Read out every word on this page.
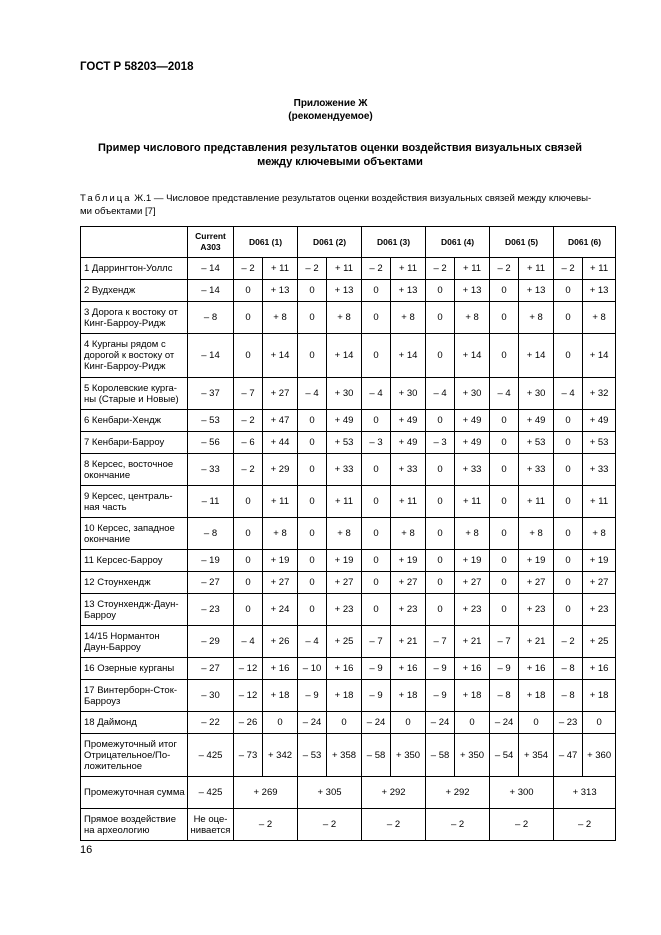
ГОСТ Р 58203—2018
Приложение Ж
(рекомендуемое)
Пример числового представления результатов оценки воздействия визуальных связей
между ключевыми объектами
Таблица Ж.1 — Числовое представление результатов оценки воздействия визуальных связей между ключевы-
ми объектами [7]
	Current A303	D061 (1)		D061 (2)		D061 (3)		D061 (4)		D061 (5)		D061 (6)	
1 Даррингтон-Уоллс	– 14	– 2	+ 11	– 2	+ 11	– 2	+ 11	– 2	+ 11	– 2	+ 11	– 2	+ 11
2 Вудхендж	– 14	0	+ 13	0	+ 13	0	+ 13	0	+ 13	0	+ 13	0	+ 13
3 Дорога к востоку от Кинг-Барроу-Ридж	– 8	0	+ 8	0	+ 8	0	+ 8	0	+ 8	0	+ 8	0	+ 8
4 Курганы рядом с дорогой к востоку от Кинг-Барроу-Ридж	– 14	0	+ 14	0	+ 14	0	+ 14	0	+ 14	0	+ 14	0	+ 14
5 Королевские курга-ны (Старые и Новые)	– 37	– 7	+ 27	– 4	+ 30	– 4	+ 30	– 4	+ 30	– 4	+ 30	– 4	+ 32
6 Кенбари-Хендж	– 53	– 2	+ 47	0	+ 49	0	+ 49	0	+ 49	0	+ 49	0	+ 49
7 Кенбари-Барроу	– 56	– 6	+ 44	0	+ 53	– 3	+ 49	– 3	+ 49	0	+ 53	0	+ 53
8 Керсес, восточное окончание	– 33	– 2	+ 29	0	+ 33	0	+ 33	0	+ 33	0	+ 33	0	+ 33
9 Керсес, централь-ная часть	– 11	0	+ 11	0	+ 11	0	+ 11	0	+ 11	0	+ 11	0	+ 11
10 Керсес, западное окончание	– 8	0	+ 8	0	+ 8	0	+ 8	0	+ 8	0	+ 8	0	+ 8
11 Керсес-Барроу	– 19	0	+ 19	0	+ 19	0	+ 19	0	+ 19	0	+ 19	0	+ 19
12 Стоунхендж	– 27	0	+ 27	0	+ 27	0	+ 27	0	+ 27	0	+ 27	0	+ 27
13 Стоунхендж-Даун-Барроу	– 23	0	+ 24	0	+ 23	0	+ 23	0	+ 23	0	+ 23	0	+ 23
14/15 Нормантон Даун-Барроу	– 29	– 4	+ 26	– 4	+ 25	– 7	+ 21	– 7	+ 21	– 7	+ 21	– 2	+ 25
16 Озерные курганы	– 27	– 12	+ 16	– 10	+ 16	– 9	+ 16	– 9	+ 16	– 9	+ 16	– 8	+ 16
17 Винтерборн-Сток-Барроуз	– 30	– 12	+ 18	– 9	+ 18	– 9	+ 18	– 9	+ 18	– 8	+ 18	– 8	+ 18
18 Даймонд	– 22	– 26	0	– 24	0	– 24	0	– 24	0	– 24	0	– 23	0
Промежуточный итог Отрицательное/По-ложительное	– 425	– 73	+ 342	– 53	+ 358	– 58	+ 350	– 58	+ 350	– 54	+ 354	– 47	+ 360
Промежуточная сумма	– 425	+ 269		+ 305		+ 292		+ 292		+ 300		+ 313	
Прямое воздействие на археологию	Не оце-нивается	– 2		– 2		– 2		– 2		– 2		– 2	
16
